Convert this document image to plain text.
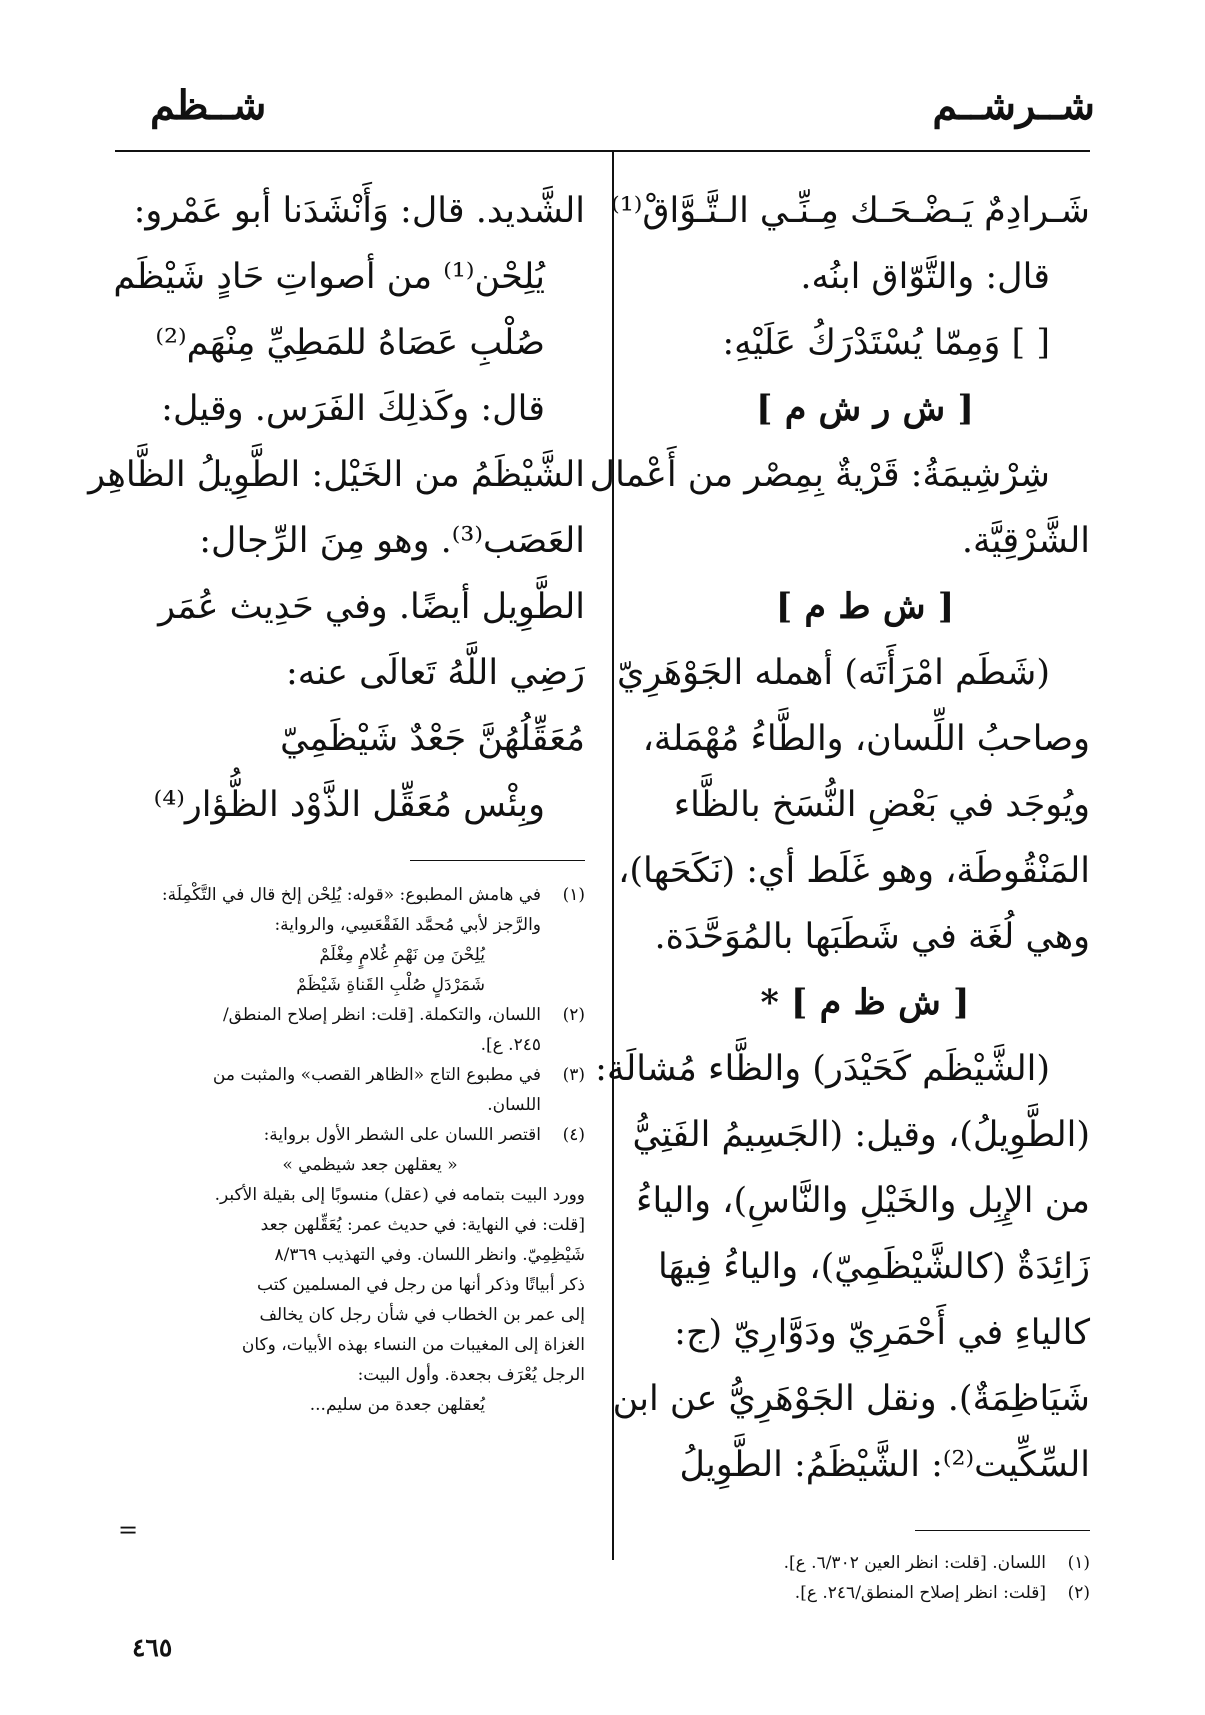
شــرشــم
شــظم

شَـرادِمٌ يَـضْـحَـك مِـنِّـي الـتَّـوَّاقْ⁽¹⁾

قال: والتَّوّاق ابنُه.

[ ] وَمِمّا يُسْتَدْرَكُ عَلَيْهِ:

[ ش ر ش م ]

شِرْشِيمَةُ: قَرْيةٌ بِمِصْر من أَعْمال

الشَّرْقِيَّة.

[ ش ط م ]

(شَطَم امْرَأَتَه) أهمله الجَوْهَرِيّ

وصاحبُ اللِّسان، والطَّاءُ مُهْمَلة،

ويُوجَد في بَعْضِ النُّسَخ بالظَّاء

المَنْقُوطَة، وهو غَلَط أي: (نَكَحَها)،

وهي لُغَة في شَطَبَها بالمُوَحَّدَة.

[ ش ظ م ] *

(الشَّيْظَم كَحَيْدَر) والظَّاء مُشالَة:

(الطَّوِيلُ)، وقيل: (الجَسِيمُ الفَتِيُّ

من الإِبِل والخَيْلِ والنَّاسِ)، والياءُ

زَائِدَةٌ (كالشَّيْظَمِيّ)، والياءُ فِيهَا

كالياءِ في أَحْمَرِيّ ودَوَّارِيّ (ج:

شَيَاظِمَةٌ). ونقل الجَوْهَرِيُّ عن ابن

السِّكِّيت⁽²⁾: الشَّيْظَمُ: الطَّوِيلُ

(١)
اللسان. [قلت: انظر العين ٦/٣٠٢. ع].
(٢)
[قلت: انظر إصلاح المنطق/٢٤٦. ع].

الشَّديد. قال: وَأَنْشَدَنا أبو عَمْرو:

يُلِحْن⁽¹⁾ من أصواتِ حَادٍ شَيْظَم

صُلْبِ عَصَاهُ للمَطِيِّ مِنْهَم⁽²⁾

قال: وكَذلِكَ الفَرَس. وقيل:

الشَّيْظَمُ من الخَيْل: الطَّوِيلُ الظَّاهِر

العَصَب⁽³⁾. وهو مِنَ الرِّجال:

الطَّوِيل أيضًا. وفي حَدِيث عُمَر

رَضِي اللَّهُ تَعالَى عنه:

مُعَقِّلُهُنَّ جَعْدٌ شَيْظَمِيّ

وبِئْس مُعَقِّل الذَّوْد الظُّؤار⁽⁴⁾

(١)
في هامش المطبوع: «قوله: يُلِحْن إلخ قال في التَّكْمِلَة:
والرَّجز لأبي مُحمَّد الفَقْعَسِي، والرواية:
يُلِحْنَ مِن نَهْمِ غُلامٍ مِغْلَمْ
شَمَرْدَلٍ صُلْبِ القَناةِ شَيْظَمْ
(٢)
اللسان، والتكملة. [قلت: انظر إصلاح المنطق/
٢٤٥. ع].
(٣)
في مطبوع التاج «الظاهر القصب» والمثبت من
اللسان.
(٤)
اقتصر اللسان على الشطر الأول برواية:
« يعقلهن جعد شيظمي »
وورد البيت بتمامه في (عقل) منسوبًا إلى بقيلة الأكبر.
[قلت: في النهاية: في حديث عمر: يُعَقِّلهن جعد
شَيْظِمِيّ. وانظر اللسان. وفي التهذيب ٨/٣٦٩
ذكر أبياتًا وذكر أنها من رجل في المسلمين كتب
إلى عمر بن الخطاب في شأن رجل كان يخالف
الغزاة إلى المغيبات من النساء بهذه الأبيات، وكان
الرجل يُعْرَف بجعدة. وأول البيت:
يُعقلهن جعدة من سليم...
=
٤٦٥
